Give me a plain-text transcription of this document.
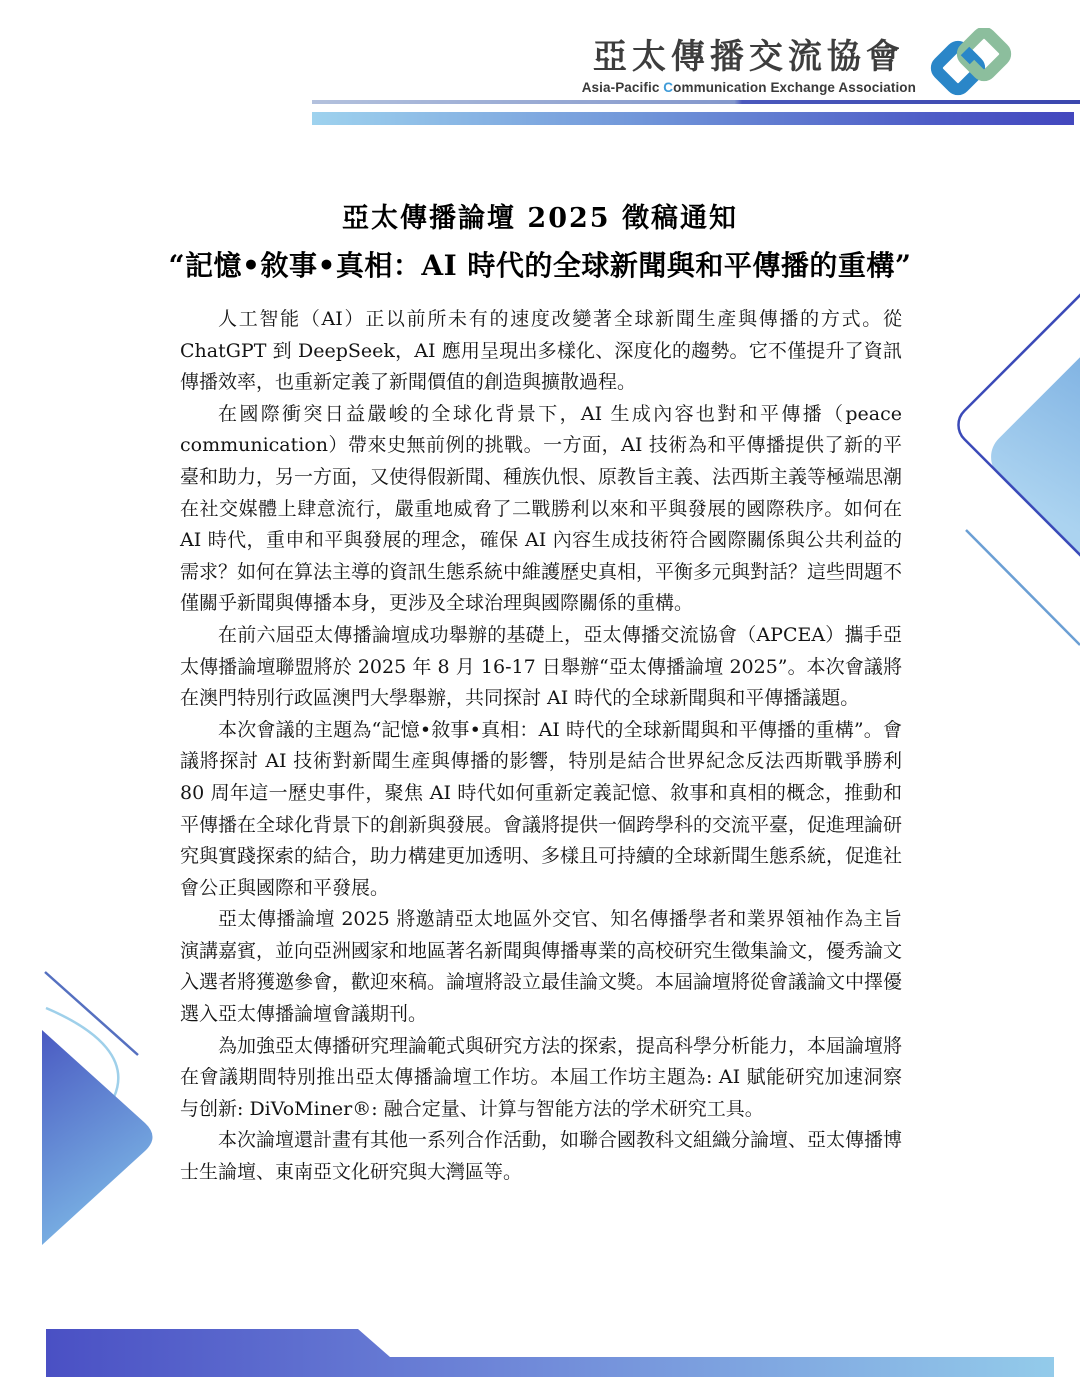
亞太傳播交流協會
Asia-Pacific Communication Exchange Association
亞太傳播論壇 2025 徵稿通知
“記憶•敘事•真相：AI 時代的全球新聞與和平傳播的重構”

人工智能（AI）正以前所未有的速度改變著全球新聞生產與傳播的方式。從 ChatGPT 到 DeepSeek，AI 應用呈現出多樣化、深度化的趨勢。它不僅提升了資訊傳播效率，也重新定義了新聞價值的創造與擴散過程。

在國際衝突日益嚴峻的全球化背景下，AI 生成內容也對和平傳播（peace communication）帶來史無前例的挑戰。一方面，AI 技術為和平傳播提供了新的平臺和助力，另一方面，又使得假新聞、種族仇恨、原教旨主義、法西斯主義等極端思潮在社交媒體上肆意流行，嚴重地威脅了二戰勝利以來和平與發展的國際秩序。如何在 AI 時代，重申和平與發展的理念，確保 AI 內容生成技術符合國際關係與公共利益的需求？如何在算法主導的資訊生態系統中維護歷史真相，平衡多元與對話？這些問題不僅關乎新聞與傳播本身，更涉及全球治理與國際關係的重構。

在前六屆亞太傳播論壇成功舉辦的基礎上，亞太傳播交流協會（APCEA）攜手亞太傳播論壇聯盟將於 2025 年 8 月 16-17 日舉辦“亞太傳播論壇 2025”。本次會議將在澳門特別行政區澳門大學舉辦，共同探討 AI 時代的全球新聞與和平傳播議題。

本次會議的主題為“記憶•敘事•真相：AI 時代的全球新聞與和平傳播的重構”。會議將探討 AI 技術對新聞生產與傳播的影響，特別是結合世界紀念反法西斯戰爭勝利 80 周年這一歷史事件，聚焦 AI 時代如何重新定義記憶、敘事和真相的概念，推動和平傳播在全球化背景下的創新與發展。會議將提供一個跨學科的交流平臺，促進理論研究與實踐探索的結合，助力構建更加透明、多樣且可持續的全球新聞生態系統，促進社會公正與國際和平發展。

亞太傳播論壇 2025 將邀請亞太地區外交官、知名傳播學者和業界領袖作為主旨演講嘉賓，並向亞洲國家和地區著名新聞與傳播專業的高校研究生徵集論文，優秀論文入選者將獲邀參會，歡迎來稿。論壇將設立最佳論文獎。本屆論壇將從會議論文中擇優選入亞太傳播論壇會議期刊。

為加強亞太傳播研究理論範式與研究方法的探索，提高科學分析能力，本屆論壇將在會議期間特別推出亞太傳播論壇工作坊。本屆工作坊主題為: AI 賦能研究加速洞察与创新: DiVoMiner®: 融合定量、计算与智能方法的学术研究工具。

本次論壇還計畫有其他一系列合作活動，如聯合國教科文組織分論壇、亞太傳播博士生論壇、東南亞文化研究與大灣區等。
